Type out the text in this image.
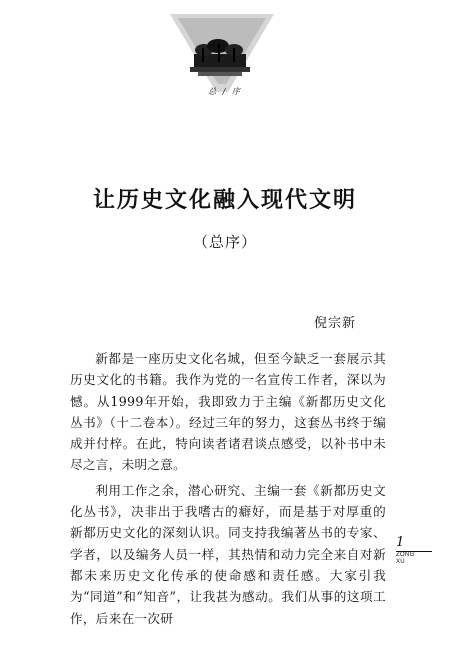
总 / 序
让历史文化融入现代文明
（总序）
倪宗新

新都是一座历史文化名城，但至今缺乏一套展示其历史文化的书籍。我作为党的一名宣传工作者，深以为憾。从1999年开始，我即致力于主编《新都历史文化丛书》（十二卷本）。经过三年的努力，这套丛书终于编成并付梓。在此，特向读者诸君谈点感受，以补书中未尽之言，未明之意。

利用工作之余，潜心研究、主编一套《新都历史文化丛书》，决非出于我嗜古的癖好，而是基于对厚重的新都历史文化的深刻认识。同支持我编著丛书的专家、学者，以及编务人员一样，其热情和动力完全来自对新都未来历史文化传承的使命感和责任感。大家引我为“同道”和“知音”，让我甚为感动。我们从事的这项工作，后来在一次研

1
ZONG
XU
